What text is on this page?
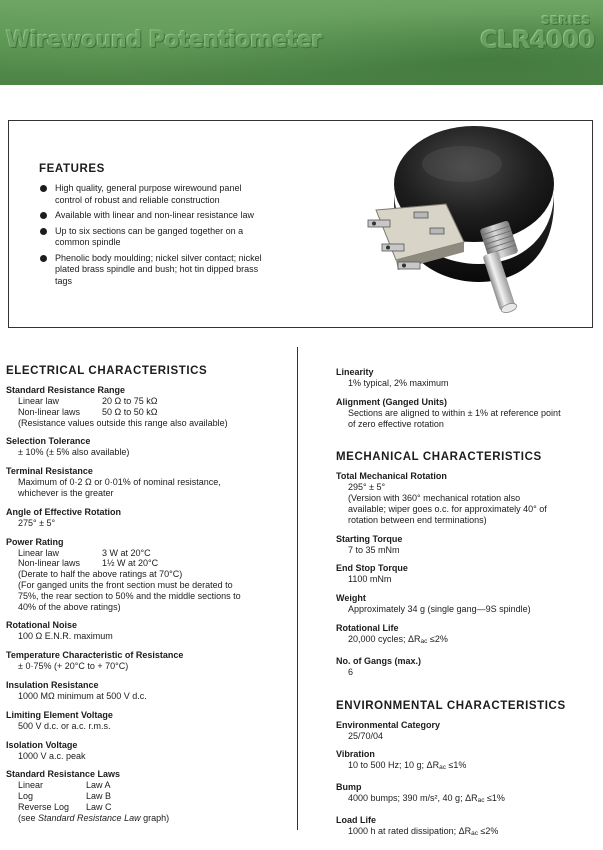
Wirewound Potentiometer
SERIES
CLR4000
FEATURES
High quality, general purpose wirewound panel control of robust and reliable construction
Available with linear and non-linear resistance law
Up to six sections can be ganged together on a common spindle
Phenolic body moulding; nickel silver contact; nickel plated brass spindle and bush; hot tin dipped brass tags
ELECTRICAL CHARACTERISTICS
Standard Resistance Range
Linear law	20 Ω to 75 kΩ
Non-linear laws	50 Ω to 50 kΩ
(Resistance values outside this range also available)
Selection Tolerance
± 10% (± 5% also available)
Terminal Resistance
Maximum of 0·2 Ω or 0·01% of nominal resistance,
whichever is the greater
Angle of Effective Rotation
275° ± 5°
Power Rating
Linear law	3 W at 20°C
Non-linear laws	1½ W at 20°C
(Derate to half the above ratings at 70°C)
(For ganged units the front section must be derated to
75%, the rear section to 50% and the middle sections to
40% of the above ratings)
Rotational Noise
100 Ω E.N.R. maximum
Temperature Characteristic of Resistance
± 0·75% (+ 20°C to + 70°C)
Insulation Resistance
1000 MΩ minimum at 500 V d.c.
Limiting Element Voltage
500 V d.c. or a.c. r.m.s.
Isolation Voltage
1000 V a.c. peak
Standard Resistance Laws
Linear	Law A
Log	Law B
Reverse Log	Law C
(see Standard Resistance Law graph)
Linearity
1% typical, 2% maximum
Alignment (Ganged Units)
Sections are aligned to within ± 1% at reference point
of zero effective rotation
MECHANICAL CHARACTERISTICS
Total Mechanical Rotation
295° ± 5°
(Version with 360° mechanical rotation also
available; wiper goes o.c. for approximately 40° of
rotation between end terminations)
Starting Torque
7 to 35 mNm
End Stop Torque
1100 mNm
Weight
Approximately 34 g (single gang—9S spindle)
Rotational Life
20,000 cycles; ΔRac ≤2%
No. of Gangs (max.)
6
ENVIRONMENTAL CHARACTERISTICS
Environmental Category
25/70/04
Vibration
10 to 500 Hz; 10 g; ΔRac ≤1%
Bump
4000 bumps; 390 m/s², 40 g; ΔRac ≤1%
Load Life
1000 h at rated dissipation; ΔRac ≤2%
